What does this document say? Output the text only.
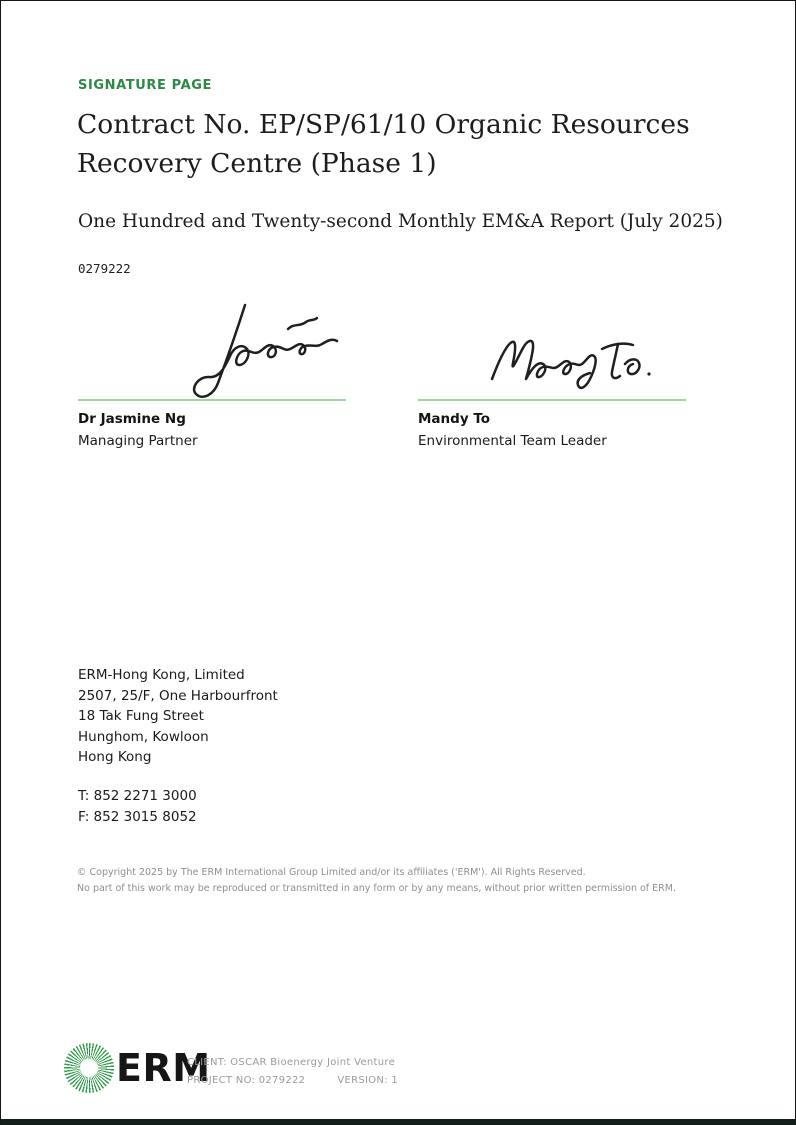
SIGNATURE PAGE
Contract No. EP/SP/61/10 Organic Resources
Recovery Centre (Phase 1)
One Hundred and Twenty-second Monthly EM&A Report (July 2025)
0279222
Dr Jasmine Ng
Managing Partner
Mandy To
Environmental Team Leader
ERM-Hong Kong, Limited
2507, 25/F, One Harbourfront
18 Tak Fung Street
Hunghom, Kowloon
Hong Kong
T: 852 2271 3000
F: 852 3015 8052
© Copyright 2025 by The ERM International Group Limited and/or its affiliates ('ERM'). All Rights Reserved.
No part of this work may be reproduced or transmitted in any form or by any means, without prior written permission of ERM.
ERM
CLIENT: OSCAR Bioenergy Joint Venture
PROJECT NO: 0279222	VERSION: 1
